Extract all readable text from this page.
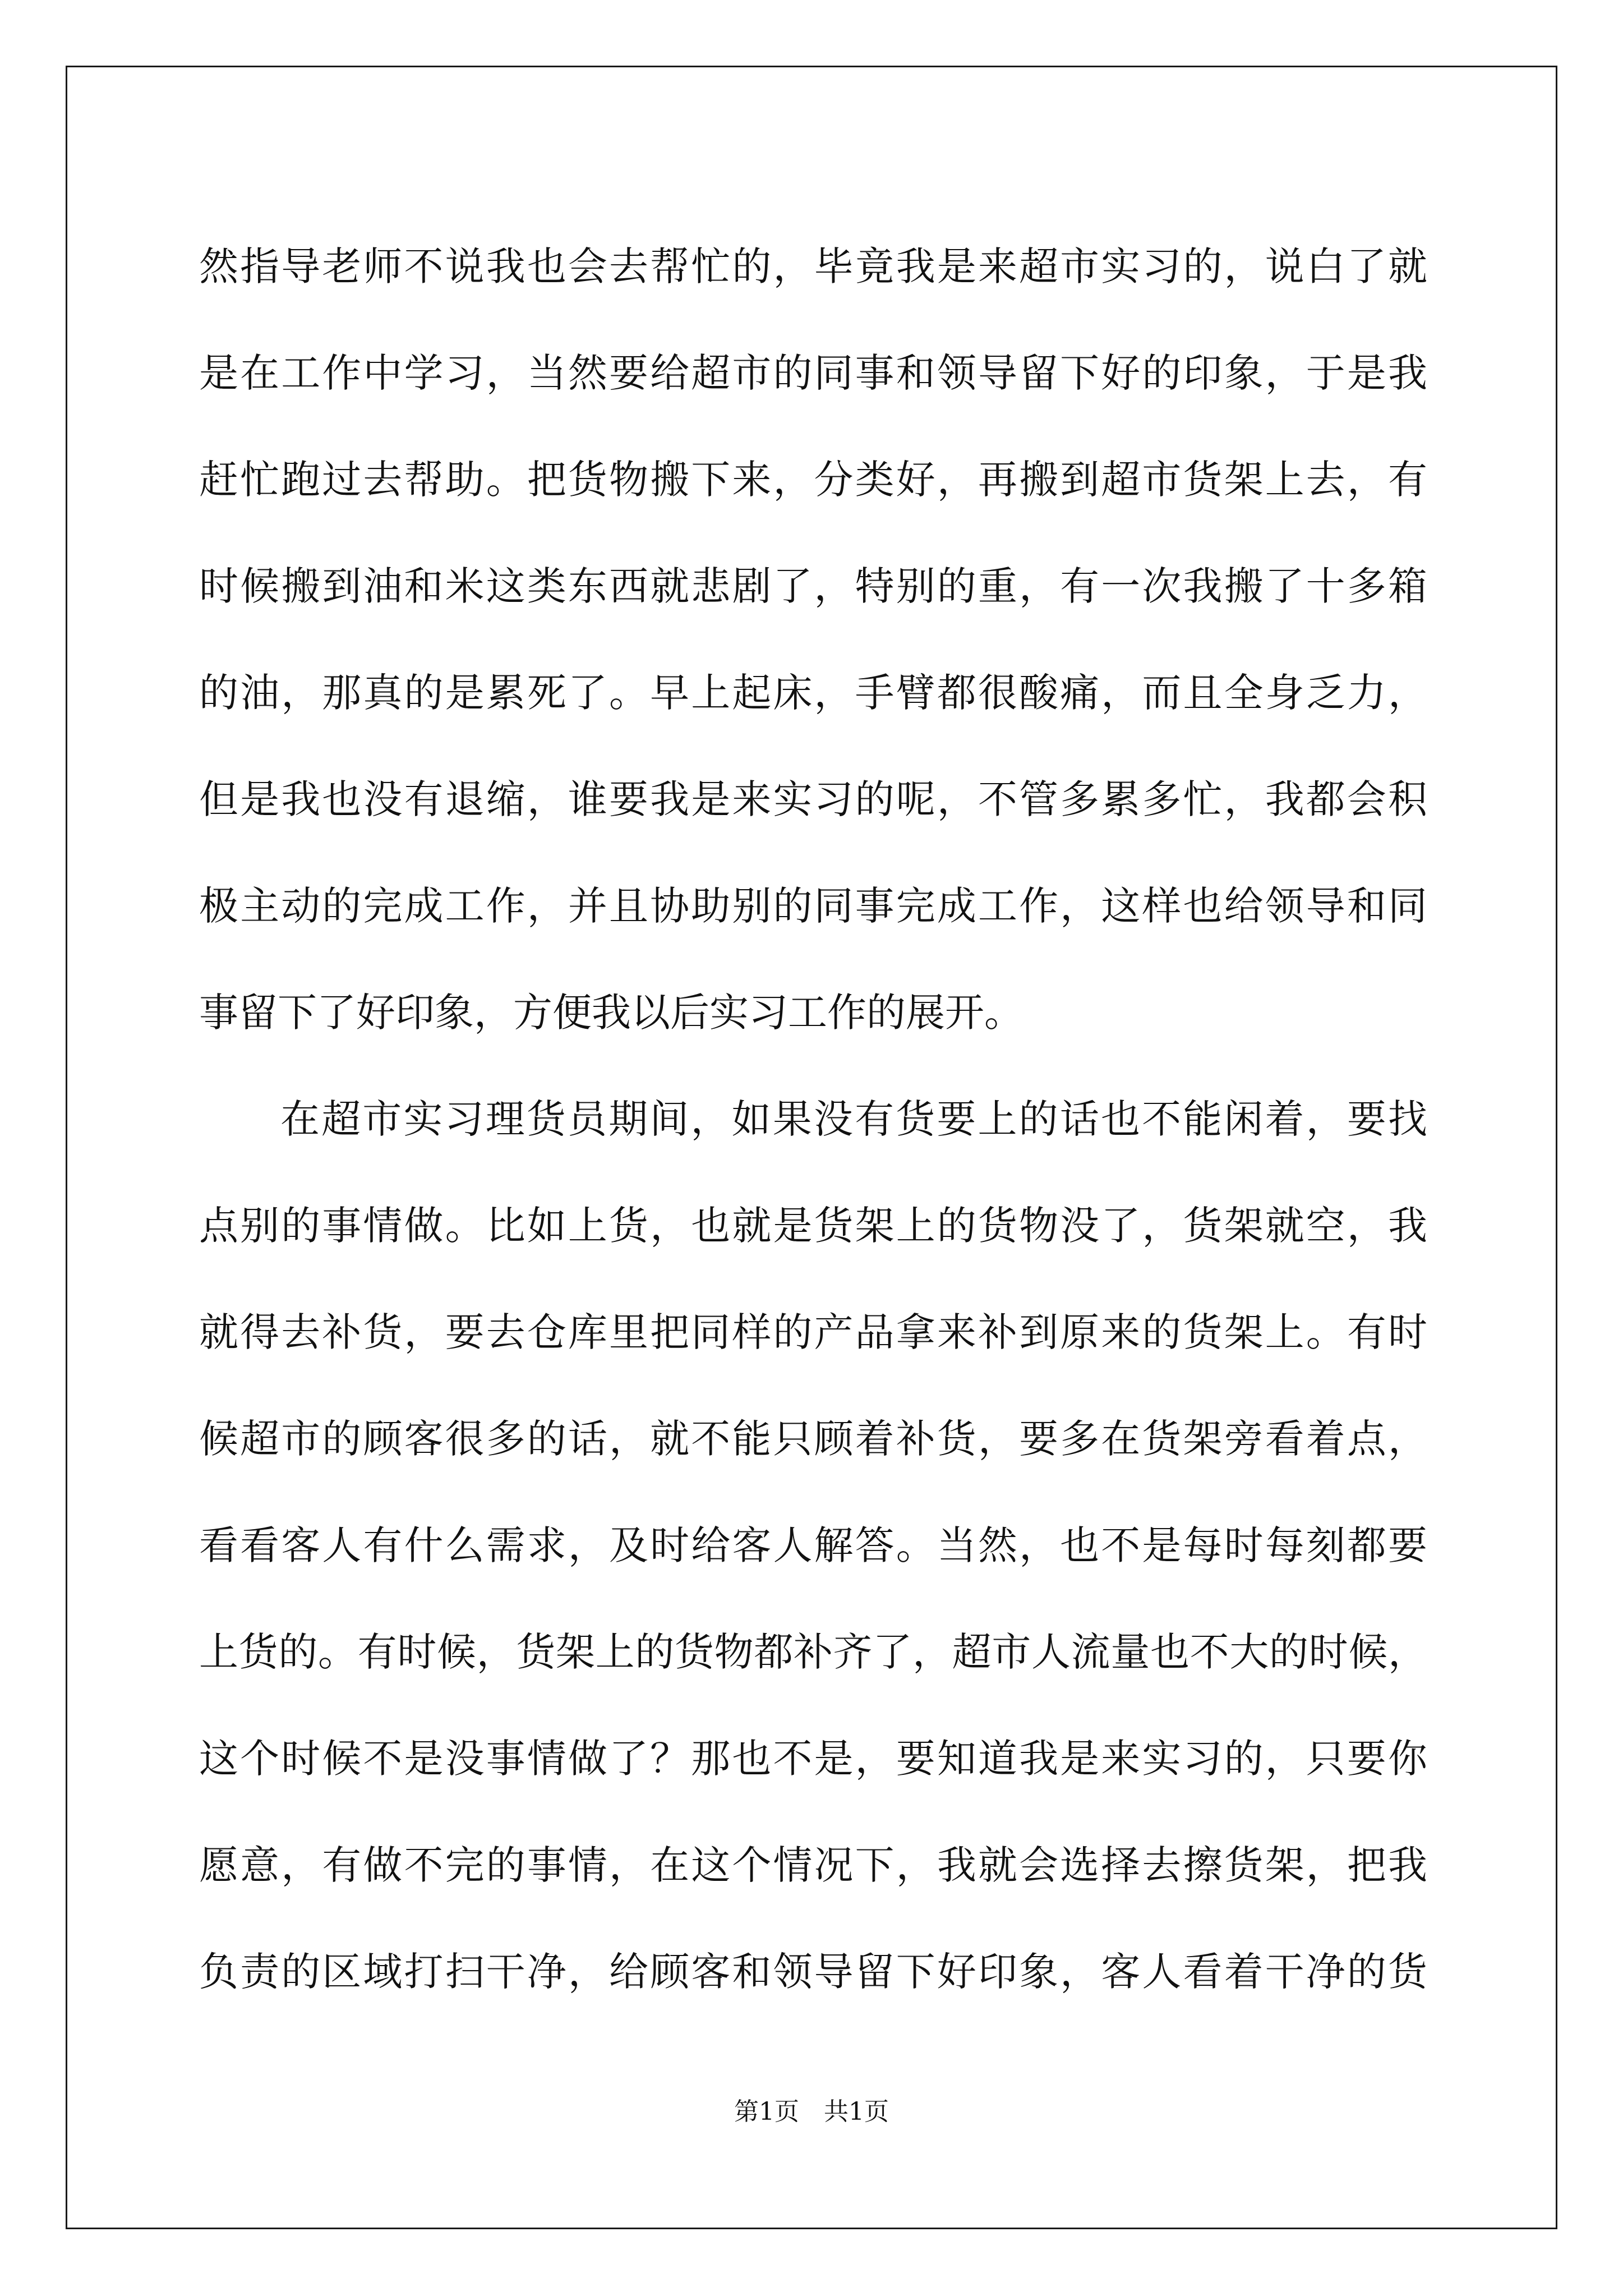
然指导老师不说我也会去帮忙的，毕竟我是来超市实习的，说白了就
是在工作中学习，当然要给超市的同事和领导留下好的印象，于是我
赶忙跑过去帮助。把货物搬下来，分类好，再搬到超市货架上去，有
时候搬到油和米这类东西就悲剧了，特别的重，有一次我搬了十多箱
的油，那真的是累死了。早上起床，手臂都很酸痛，而且全身乏力，
但是我也没有退缩，谁要我是来实习的呢，不管多累多忙，我都会积
极主动的完成工作，并且协助别的同事完成工作，这样也给领导和同
事留下了好印象，方便我以后实习工作的展开。
在超市实习理货员期间，如果没有货要上的话也不能闲着，要找
点别的事情做。比如上货，也就是货架上的货物没了，货架就空，我
就得去补货，要去仓库里把同样的产品拿来补到原来的货架上。有时
候超市的顾客很多的话，就不能只顾着补货，要多在货架旁看着点，
看看客人有什么需求，及时给客人解答。当然，也不是每时每刻都要
上货的。有时候，货架上的货物都补齐了，超市人流量也不大的时候，
这个时候不是没事情做了？那也不是，要知道我是来实习的，只要你
愿意，有做不完的事情，在这个情况下，我就会选择去擦货架，把我
负责的区域打扫干净，给顾客和领导留下好印象，客人看着干净的货
第1页　共1页
